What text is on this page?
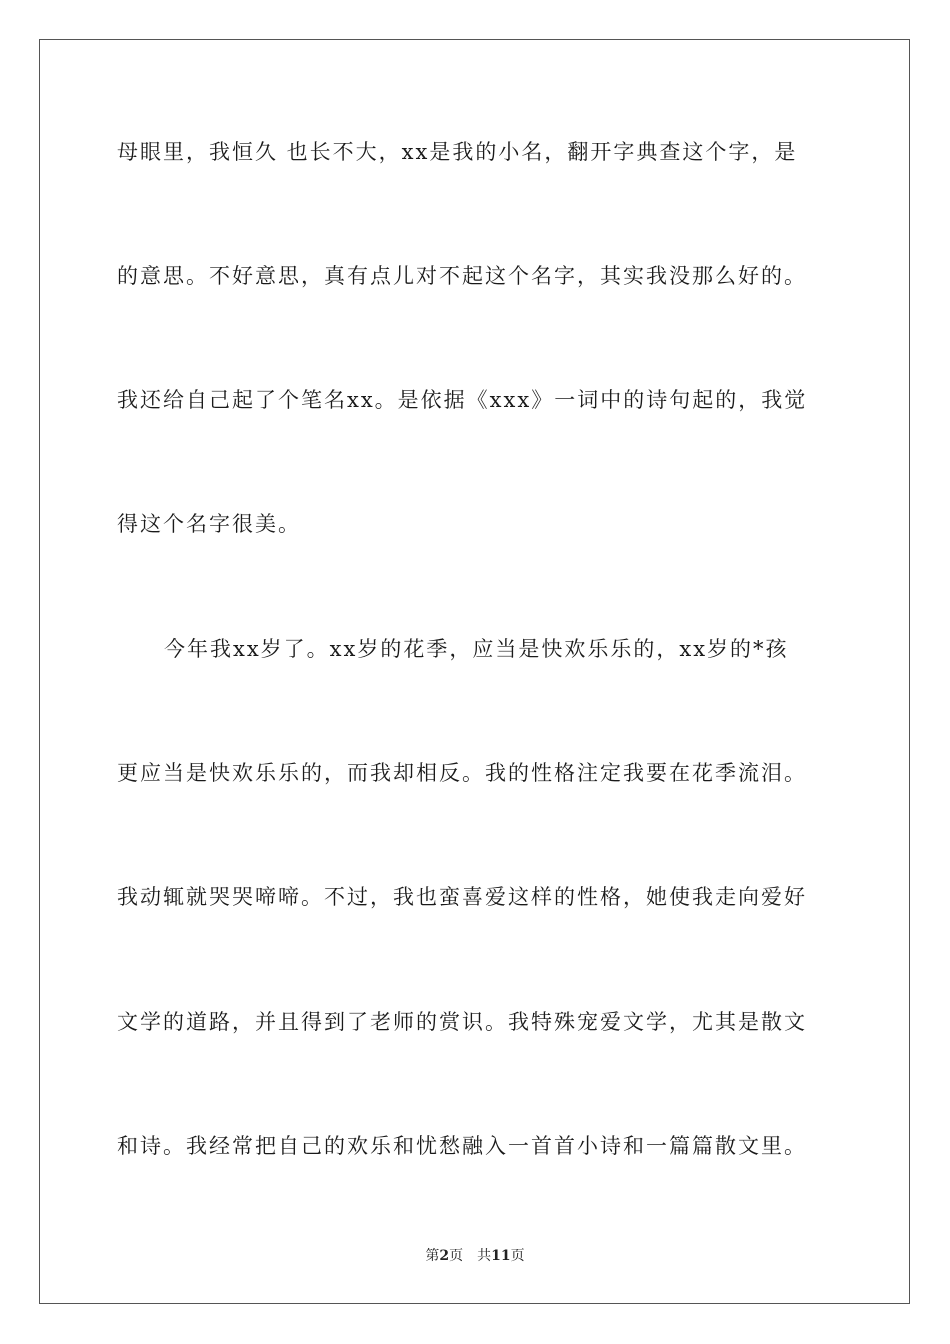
母眼里，我恒久 也长不大，xx是我的小名，翻开字典查这个字，是
的意思。不好意思，真有点儿对不起这个名字，其实我没那么好的。
我还给自己起了个笔名xx。是依据《xxx》一词中的诗句起的，我觉
得这个名字很美。
今年我xx岁了。xx岁的花季，应当是快欢乐乐的，xx岁的*孩
更应当是快欢乐乐的，而我却相反。我的性格注定我要在花季流泪。
我动辄就哭哭啼啼。不过，我也蛮喜爱这样的性格，她使我走向爱好
文学的道路，并且得到了老师的赏识。我特殊宠爱文学，尤其是散文
和诗。我经常把自己的欢乐和忧愁融入一首首小诗和一篇篇散文里。
第2页 共11页
